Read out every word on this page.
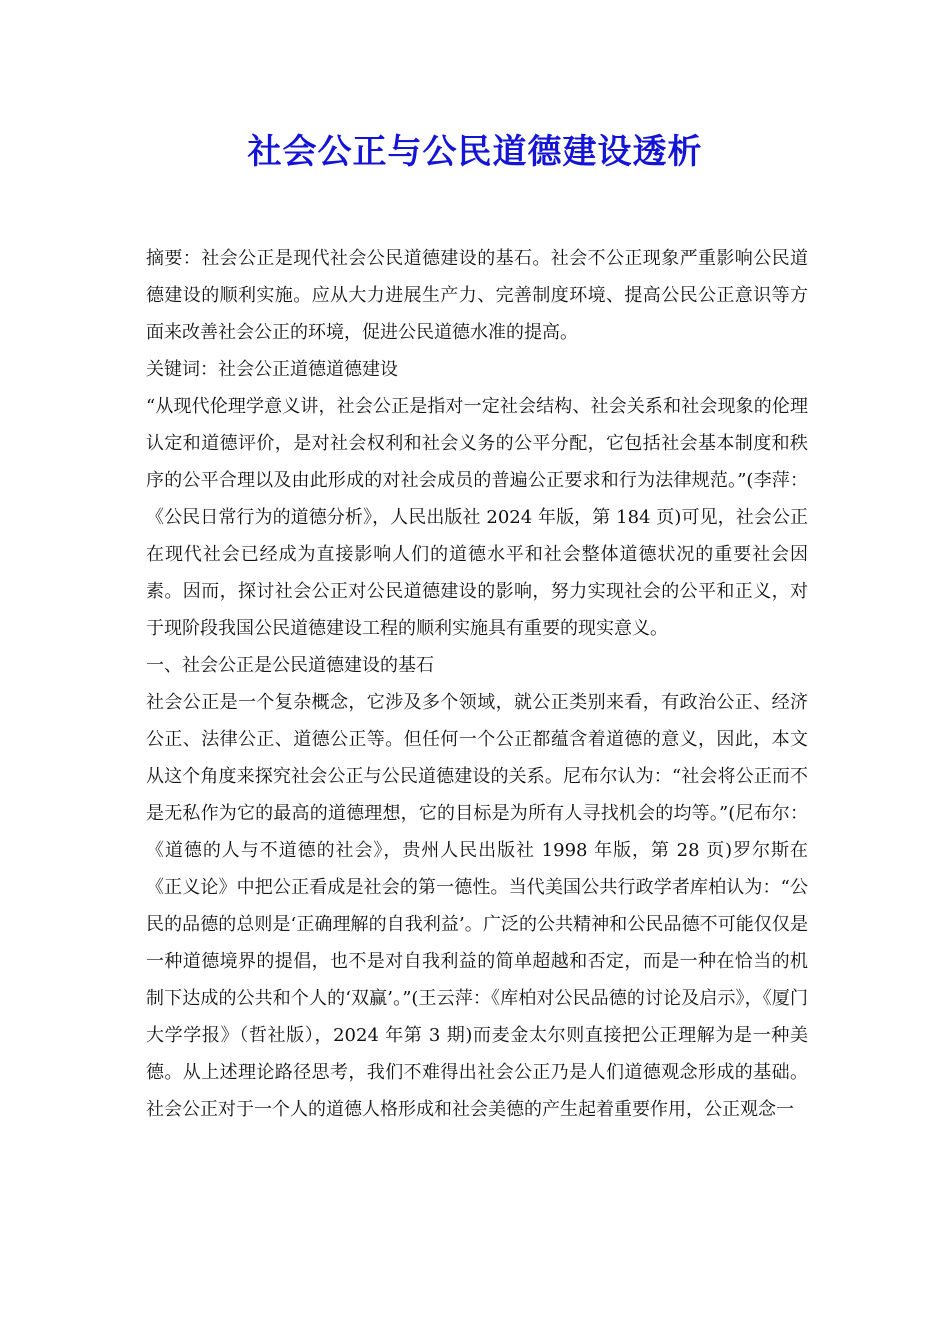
社会公正与公民道德建设透析

摘要：社会公正是现代社会公民道德建设的基石。社会不公正现象严重影响公民道德建设的顺利实施。应从大力进展生产力、完善制度环境、提高公民公正意识等方面来改善社会公正的环境，促进公民道德水准的提高。

关键词：社会公正道德道德建设

“从现代伦理学意义讲，社会公正是指对一定社会结构、社会关系和社会现象的伦理认定和道德评价，是对社会权利和社会义务的公平分配，它包括社会基本制度和秩序的公平合理以及由此形成的对社会成员的普遍公正要求和行为法律规范。”(李萍：《公民日常行为的道德分析》，人民出版社 2024 年版，第 184 页)可见，社会公正在现代社会已经成为直接影响人们的道德水平和社会整体道德状况的重要社会因素。因而，探讨社会公正对公民道德建设的影响，努力实现社会的公平和正义，对于现阶段我国公民道德建设工程的顺利实施具有重要的现实意义。

一、社会公正是公民道德建设的基石

社会公正是一个复杂概念，它涉及多个领域，就公正类别来看，有政治公正、经济公正、法律公正、道德公正等。但任何一个公正都蕴含着道德的意义，因此，本文从这个角度来探究社会公正与公民道德建设的关系。尼布尔认为：“社会将公正而不是无私作为它的最高的道德理想，它的目标是为所有人寻找机会的均等。”(尼布尔：《道德的人与不道德的社会》，贵州人民出版社 1998 年版，第 28 页)罗尔斯在《正义论》中把公正看成是社会的第一德性。当代美国公共行政学者库柏认为：“公民的品德的总则是‘正确理解的自我利益’。广泛的公共精神和公民品德不可能仅仅是一种道德境界的提倡，也不是对自我利益的简单超越和否定，而是一种在恰当的机制下达成的公共和个人的‘双赢’。”(王云萍：《库柏对公民品德的讨论及启示》，《厦门大学学报》（哲社版），2024 年第 3 期)而麦金太尔则直接把公正理解为是一种美德。从上述理论路径思考，我们不难得出社会公正乃是人们道德观念形成的基础。社会公正对于一个人的道德人格形成和社会美德的产生起着重要作用，公正观念一
